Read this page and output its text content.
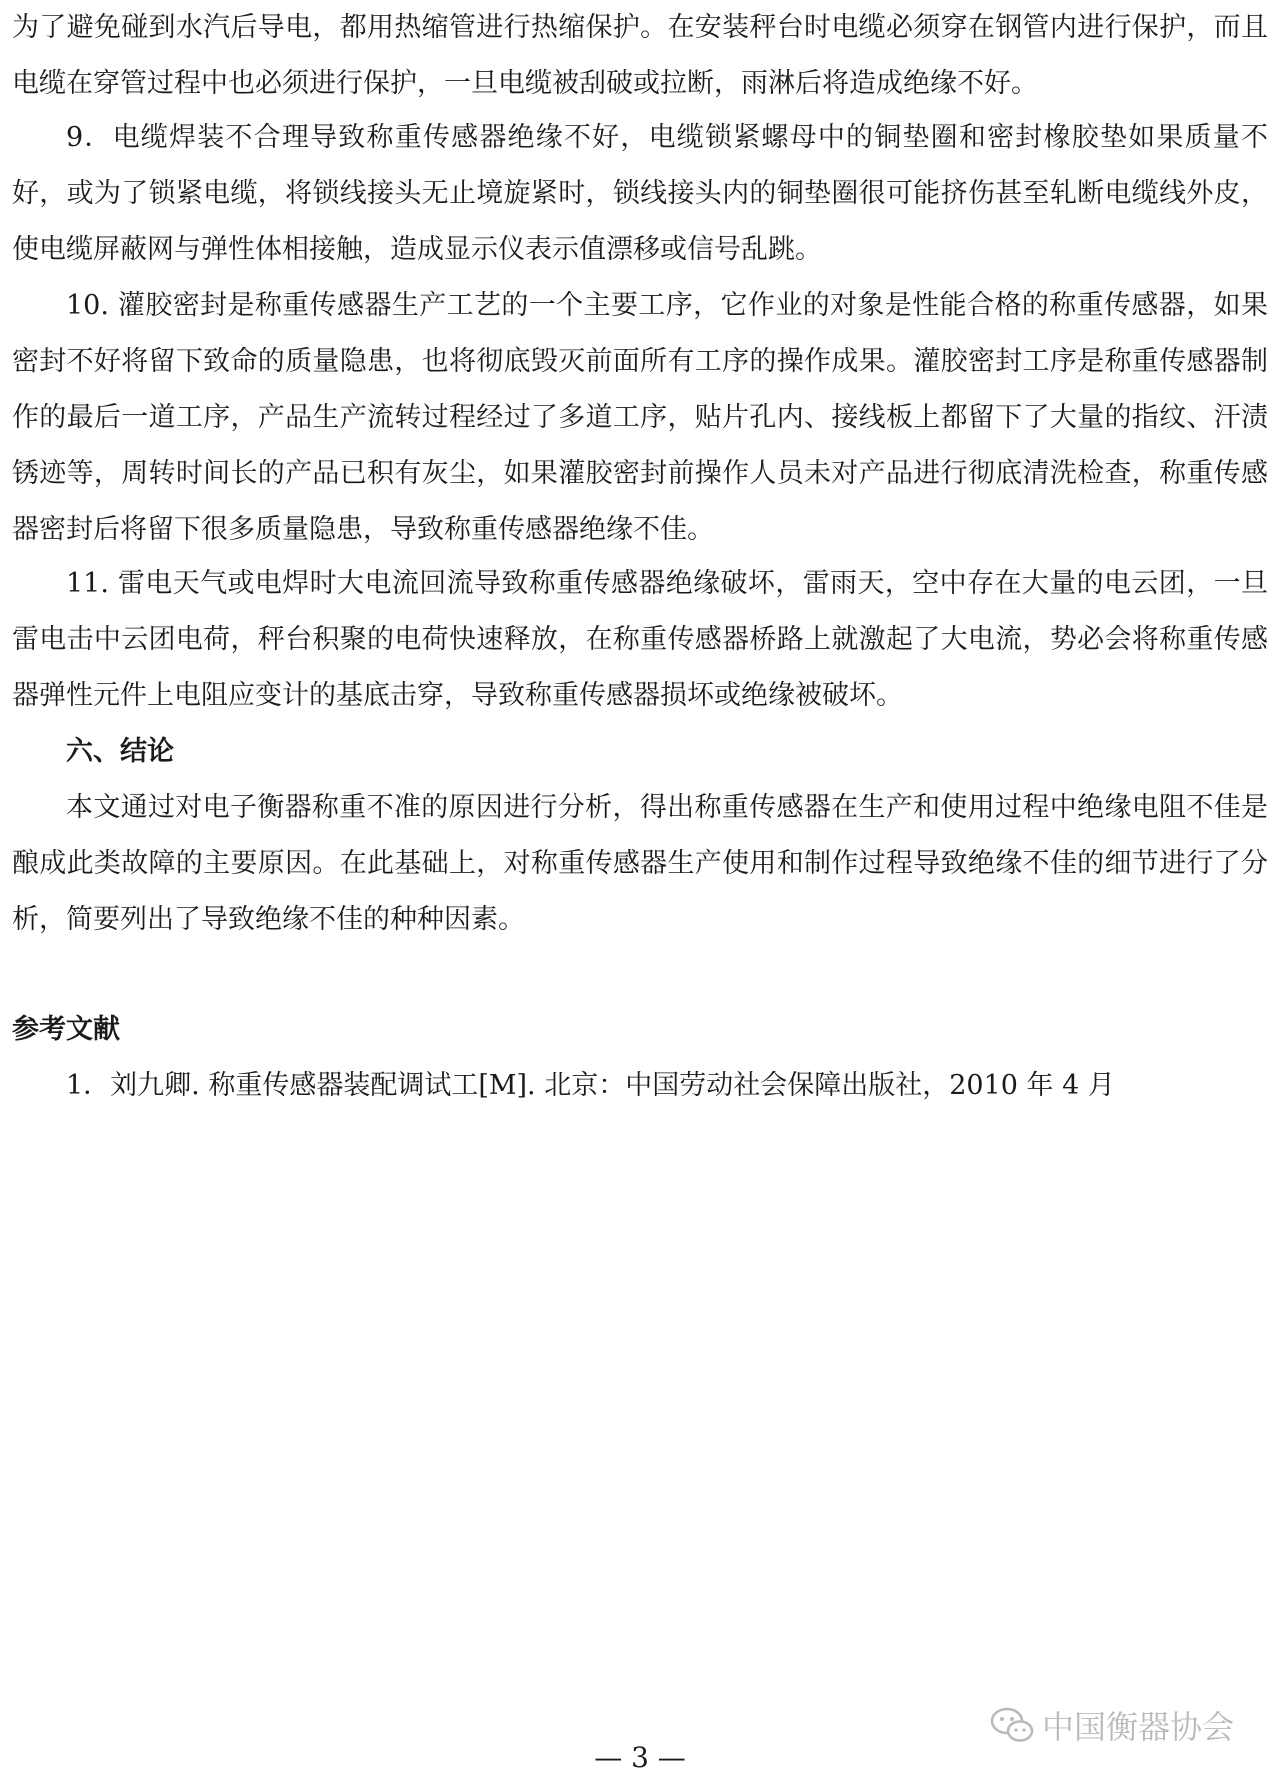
为了避免碰到水汽后导电，都用热缩管进行热缩保护。在安装秤台时电缆必须穿在钢管内进行保护，而且电缆在穿管过程中也必须进行保护，一旦电缆被刮破或拉断，雨淋后将造成绝缘不好。

9．电缆焊装不合理导致称重传感器绝缘不好，电缆锁紧螺母中的铜垫圈和密封橡胶垫如果质量不好，或为了锁紧电缆，将锁线接头无止境旋紧时，锁线接头内的铜垫圈很可能挤伤甚至轧断电缆线外皮，使电缆屏蔽网与弹性体相接触，造成显示仪表示值漂移或信号乱跳。

10. 灌胶密封是称重传感器生产工艺的一个主要工序，它作业的对象是性能合格的称重传感器，如果密封不好将留下致命的质量隐患，也将彻底毁灭前面所有工序的操作成果。灌胶密封工序是称重传感器制作的最后一道工序，产品生产流转过程经过了多道工序，贴片孔内、接线板上都留下了大量的指纹、汗渍锈迹等，周转时间长的产品已积有灰尘，如果灌胶密封前操作人员未对产品进行彻底清洗检查，称重传感器密封后将留下很多质量隐患，导致称重传感器绝缘不佳。

11. 雷电天气或电焊时大电流回流导致称重传感器绝缘破坏，雷雨天，空中存在大量的电云团，一旦雷电击中云团电荷，秤台积聚的电荷快速释放，在称重传感器桥路上就激起了大电流，势必会将称重传感器弹性元件上电阻应变计的基底击穿，导致称重传感器损坏或绝缘被破坏。

六、结论

本文通过对电子衡器称重不准的原因进行分析，得出称重传感器在生产和使用过程中绝缘电阻不佳是酿成此类故障的主要原因。在此基础上，对称重传感器生产使用和制作过程导致绝缘不佳的细节进行了分析，简要列出了导致绝缘不佳的种种因素。

参考文献

1．刘九卿. 称重传感器装配调试工[M]. 北京：中国劳动社会保障出版社，2010 年 4 月

中国衡器协会
— 3 —
